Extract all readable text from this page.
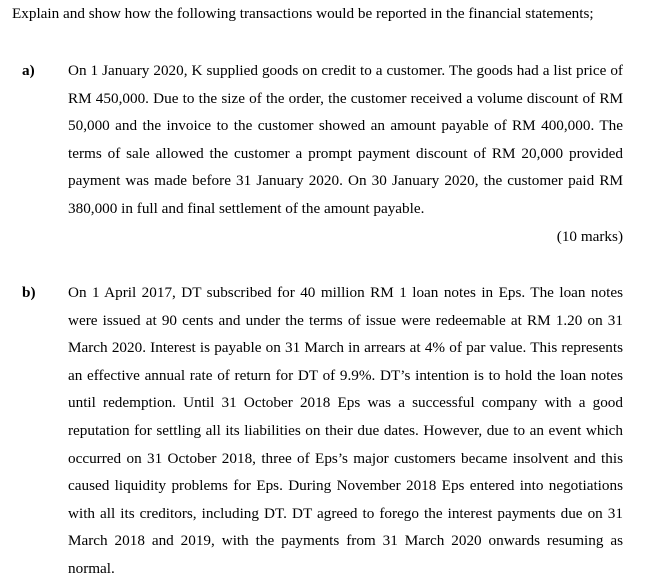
Explain and show how the following transactions would be reported in the financial statements;
a) On 1 January 2020, K supplied goods on credit to a customer. The goods had a list price of RM 450,000. Due to the size of the order, the customer received a volume discount of RM 50,000 and the invoice to the customer showed an amount payable of RM 400,000. The terms of sale allowed the customer a prompt payment discount of RM 20,000 provided payment was made before 31 January 2020. On 30 January 2020, the customer paid RM 380,000 in full and final settlement of the amount payable.
(10 marks)
b) On 1 April 2017, DT subscribed for 40 million RM 1 loan notes in Eps. The loan notes were issued at 90 cents and under the terms of issue were redeemable at RM 1.20 on 31 March 2020. Interest is payable on 31 March in arrears at 4% of par value. This represents an effective annual rate of return for DT of 9.9%. DT’s intention is to hold the loan notes until redemption. Until 31 October 2018 Eps was a successful company with a good reputation for settling all its liabilities on their due dates. However, due to an event which occurred on 31 October 2018, three of Eps’s major customers became insolvent and this caused liquidity problems for Eps. During November 2018 Eps entered into negotiations with all its creditors, including DT. DT agreed to forego the interest payments due on 31 March 2018 and 2019, with the payments from 31 March 2020 onwards resuming as normal.
